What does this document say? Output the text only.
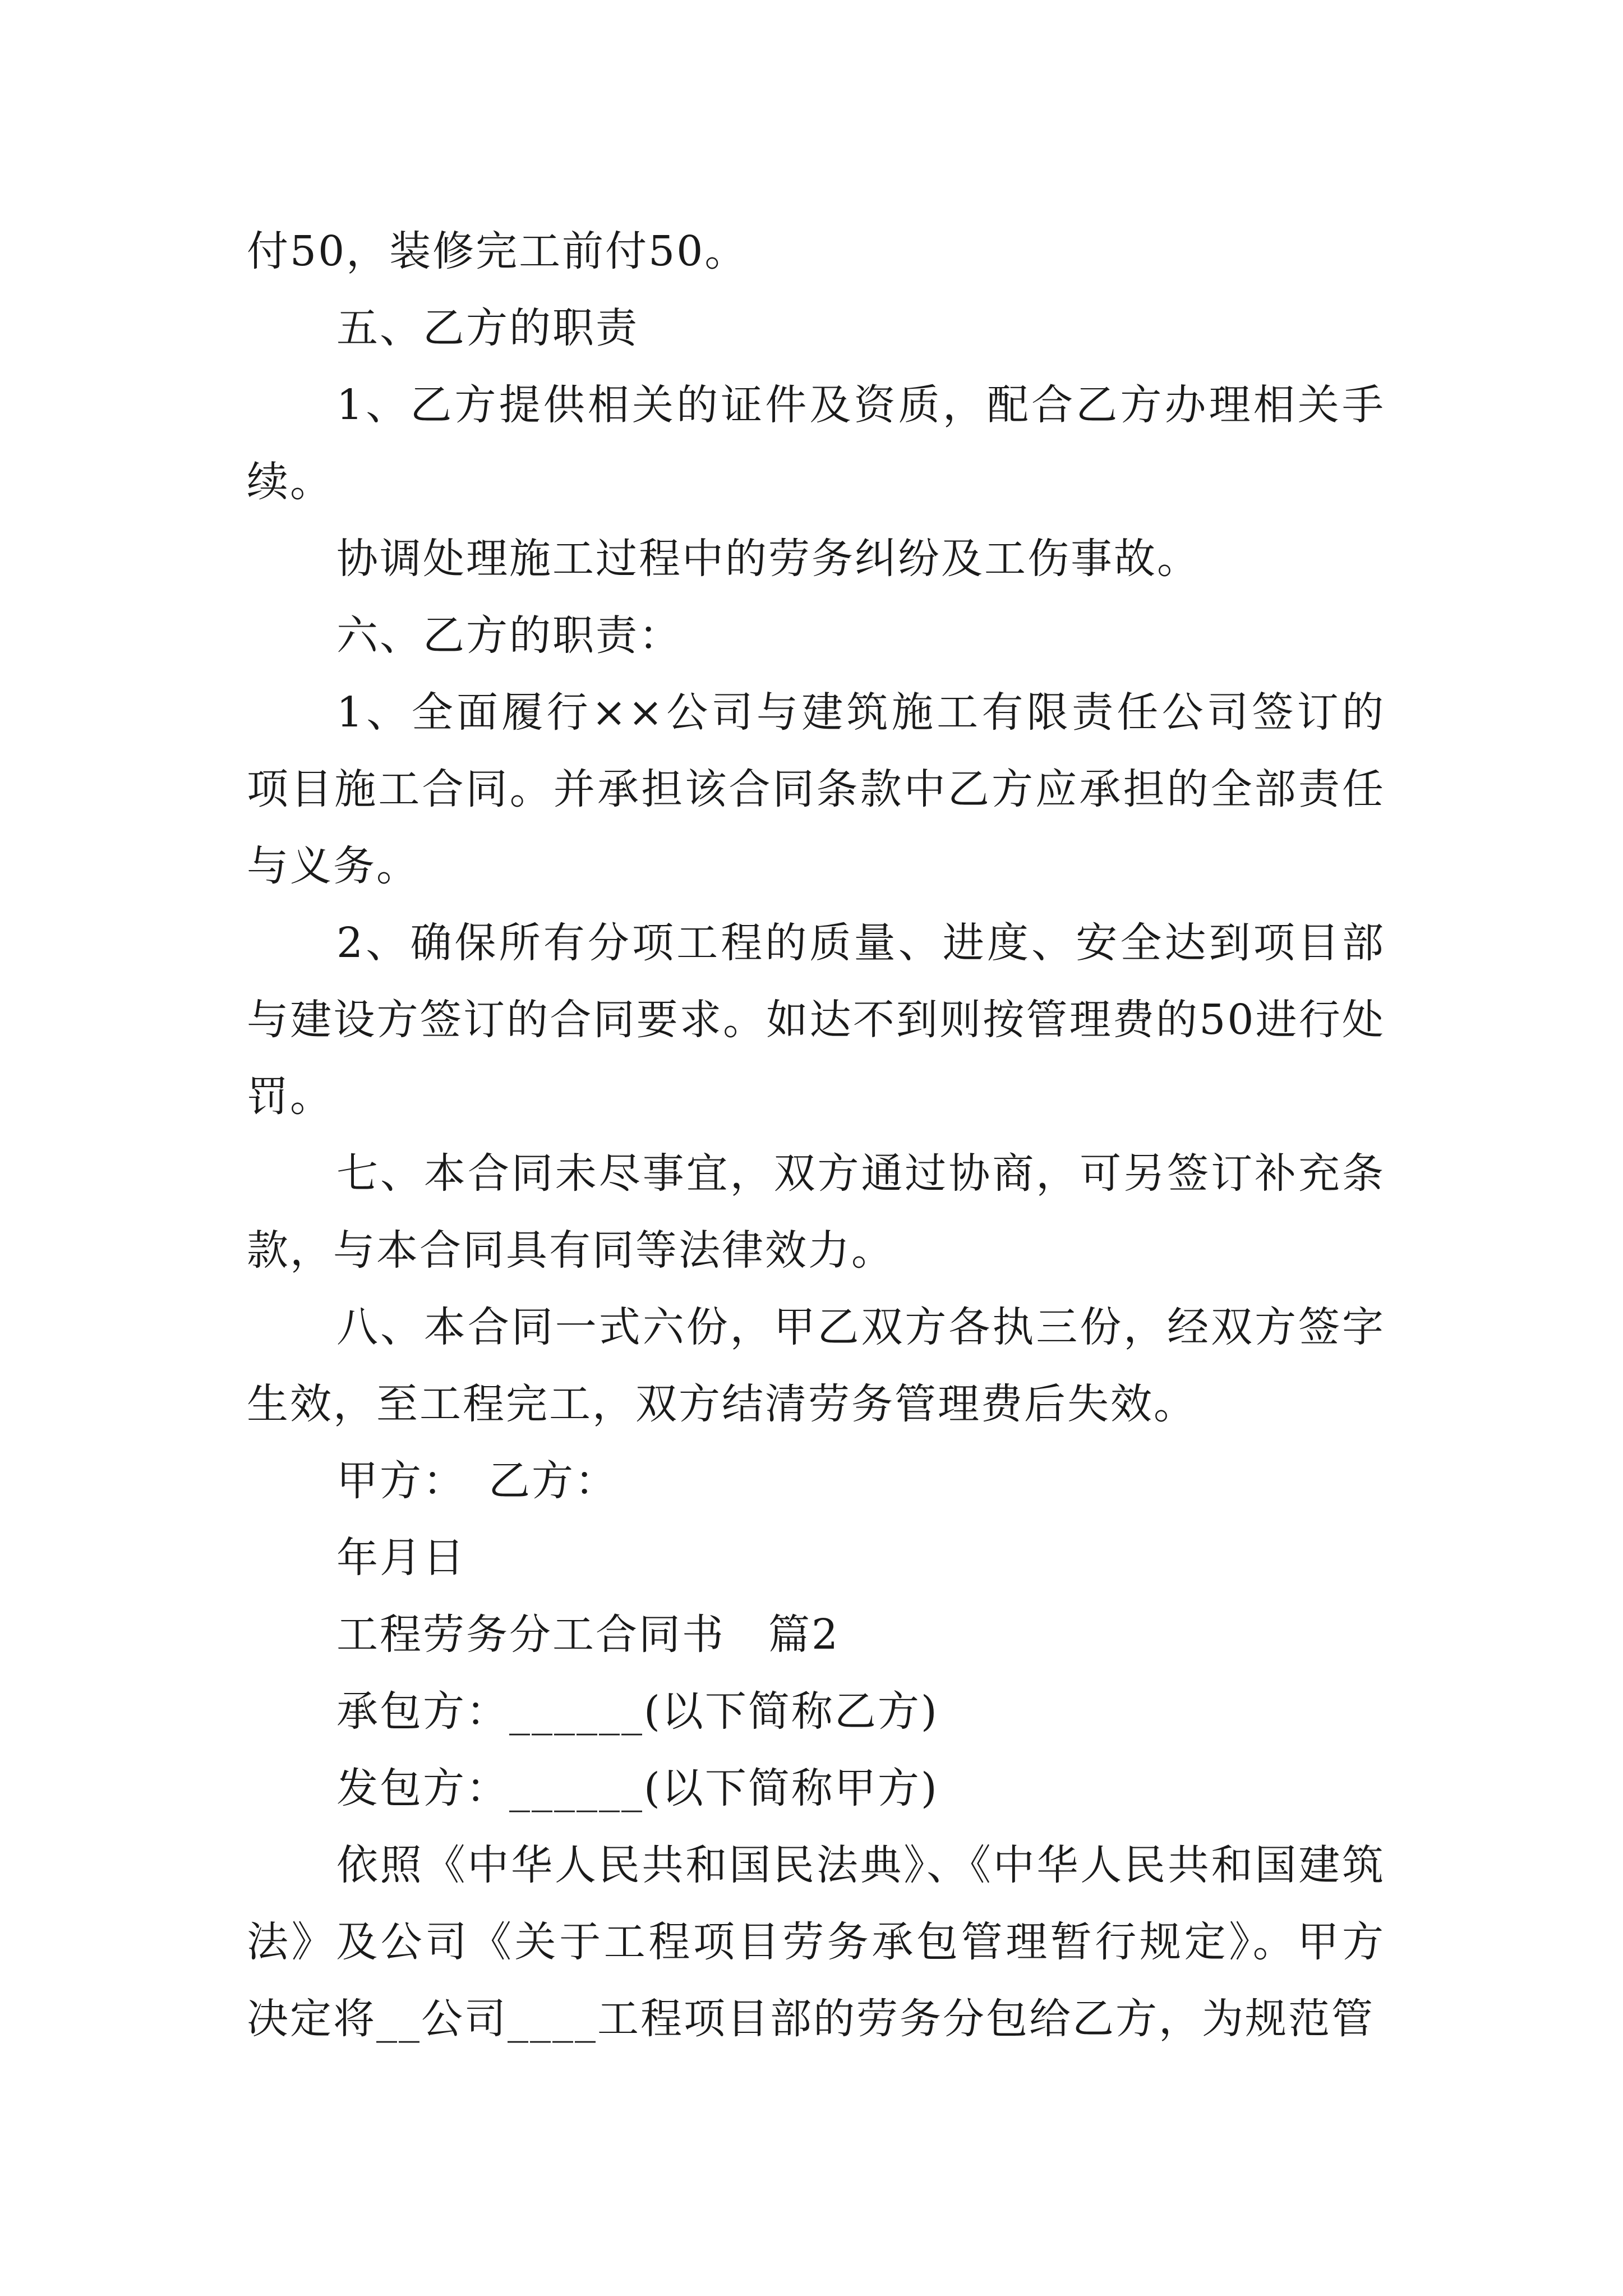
付50，装修完工前付50。

五、乙方的职责

1、乙方提供相关的证件及资质，配合乙方办理相关手续。

协调处理施工过程中的劳务纠纷及工伤事故。

六、乙方的职责：

1、全面履行××公司与建筑施工有限责任公司签订的项目施工合同。并承担该合同条款中乙方应承担的全部责任与义务。

2、确保所有分项工程的质量、进度、安全达到项目部与建设方签订的合同要求。如达不到则按管理费的50进行处罚。

七、本合同未尽事宜，双方通过协商，可另签订补充条款，与本合同具有同等法律效力。

八、本合同一式六份，甲乙双方各执三份，经双方签字生效，至工程完工，双方结清劳务管理费后失效。

甲方：　乙方：

年月日

工程劳务分工合同书　篇2

承包方：______(以下简称乙方)

发包方：______(以下简称甲方)

依照《中华人民共和国民法典》、《中华人民共和国建筑法》及公司《关于工程项目劳务承包管理暂行规定》。甲方决定将__公司____工程项目部的劳务分包给乙方，为规范管
